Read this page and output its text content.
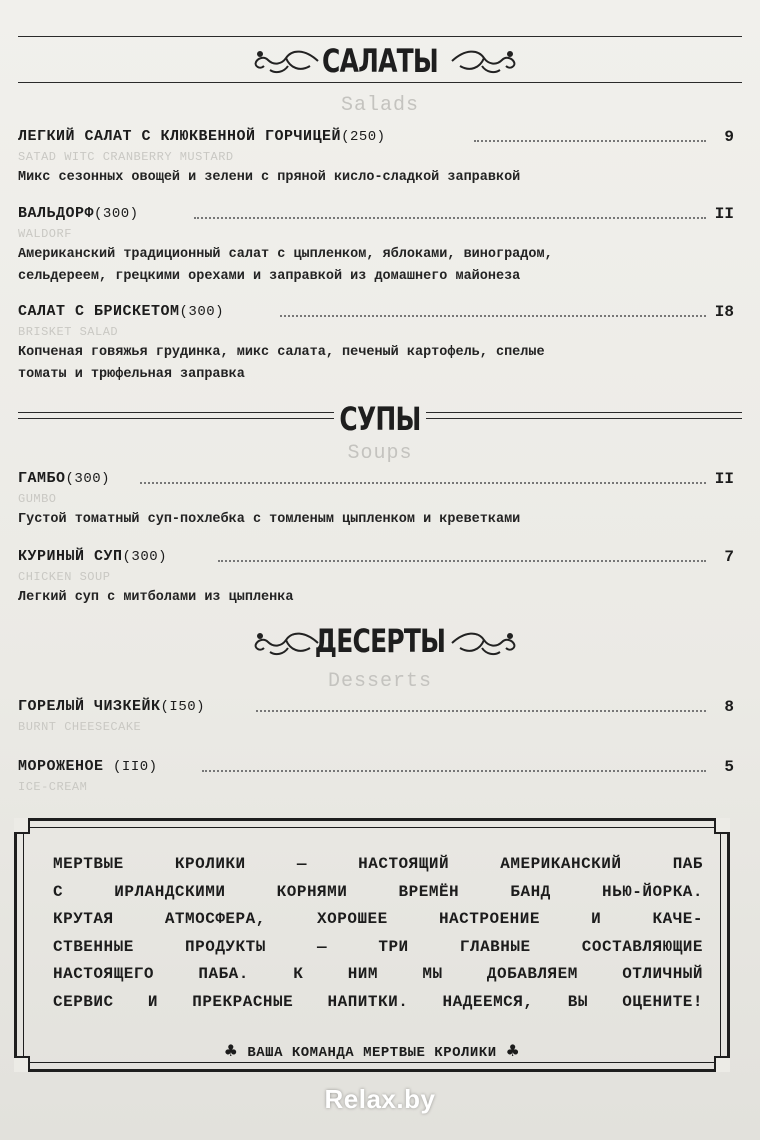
САЛАТЫ
Salads
ЛЕГКИЙ САЛАТ С КЛЮКВЕННОЙ ГОРЧИЦЕЙ(250)	9
SATAD WITC CRANBERRY MUSTARD
Микс сезонных овощей и зелени с пряной кисло-сладкой заправкой
ВАЛЬДОРФ(300)	II
WALDORF
Американский традиционный салат с цыпленком, яблоками, виноградом,
сельдереем, грецкими орехами и заправкой из домашнего майонеза
САЛАТ С БРИСКЕТОМ(300)	I8
BRISKET SALAD
Копченая говяжья грудинка, микс салата, печеный картофель, спелые
томаты и трюфельная заправка
СУПЫ
Soups
ГАМБО(300)	II
GUMBO
Густой томатный суп-похлебка с томленым цыпленком и креветками
КУРИНЫЙ СУП(300)	7
CHICKEN SOUP
Легкий суп с митболами из цыпленка
ДЕСЕРТЫ
Desserts
ГОРЕЛЫЙ ЧИЗКЕЙК(I50)	8
BURNT CHEESECAKE
МОРОЖЕНОЕ (II0)	5
ICE-CREAM
МЕРТВЫЕ КРОЛИКИ — НАСТОЯЩИЙ АМЕРИКАНСКИЙ ПАБ
С ИРЛАНДСКИМИ КОРНЯМИ ВРЕМЁН БАНД НЬЮ-ЙОРКА.
КРУТАЯ АТМОСФЕРА, ХОРОШЕЕ НАСТРОЕНИЕ И КАЧЕ-
СТВЕННЫЕ ПРОДУКТЫ — ТРИ ГЛАВНЫЕ СОСТАВЛЯЮЩИЕ
НАСТОЯЩЕГО ПАБА. К НИМ МЫ ДОБАВЛЯЕМ ОТЛИЧНЫЙ
СЕРВИС И ПРЕКРАСНЫЕ НАПИТКИ. НАДЕЕМСЯ, ВЫ ОЦЕНИТЕ!
♣ ВАША КОМАНДА МЕРТВЫЕ КРОЛИКИ ♣
Relax.by
